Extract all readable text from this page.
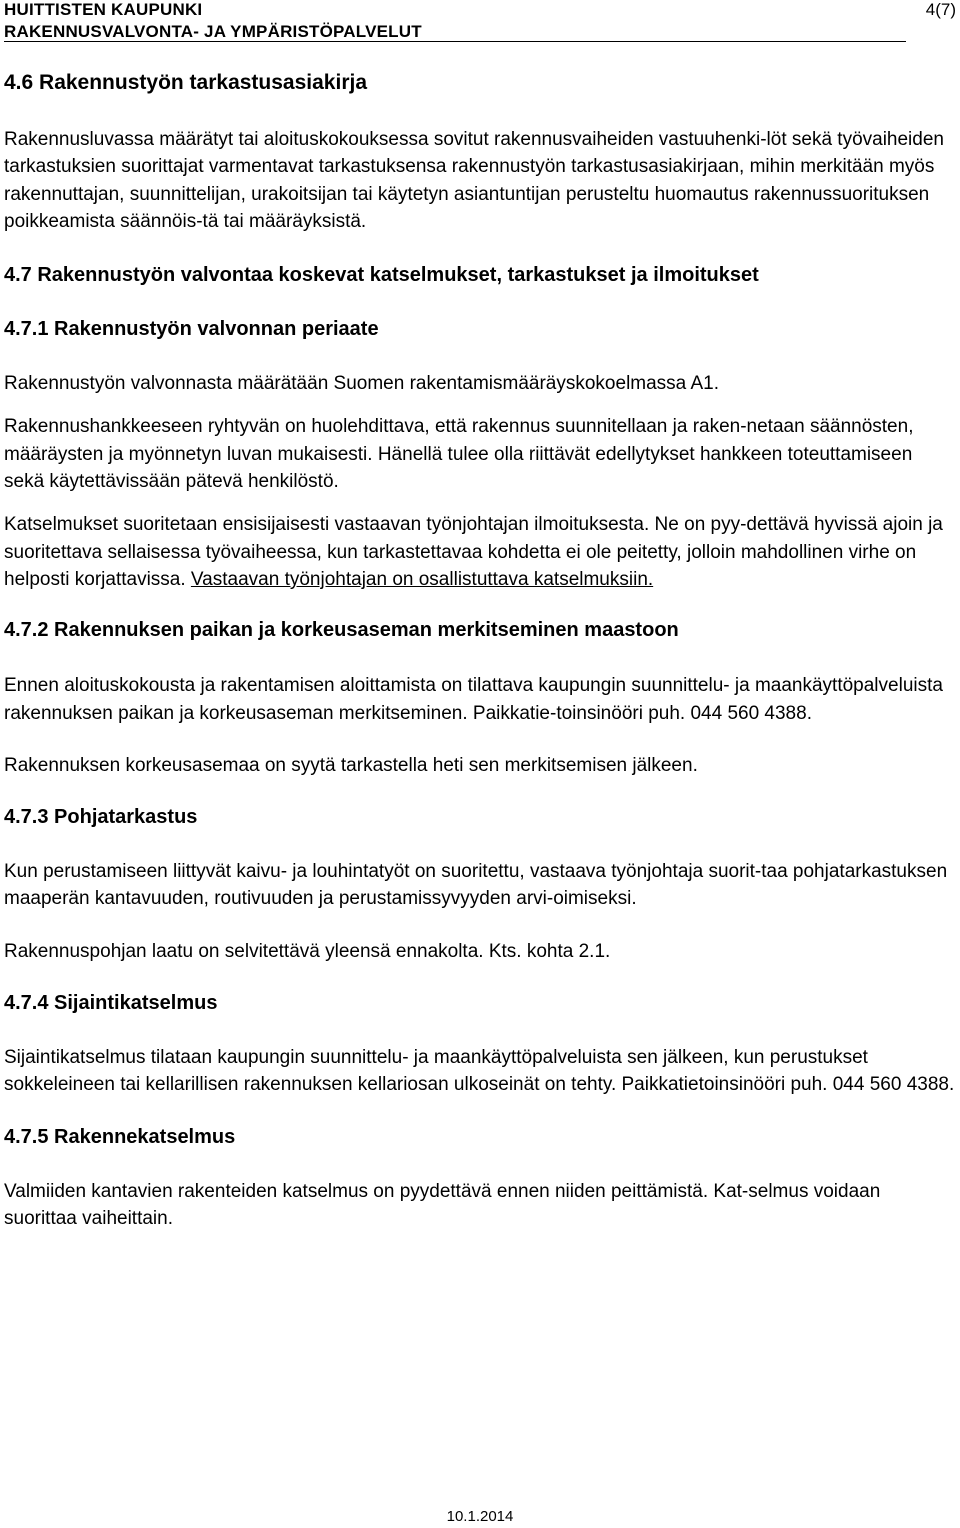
HUITTISTEN KAUPUNKI
RAKENNUSVALVONTA- JA YMPÄRISTÖPALVELUT
4(7)
4.6 Rakennustyön tarkastusasiakirja

Rakennusluvassa määrätyt tai aloituskokouksessa sovitut rakennusvaiheiden vastuuhenki-löt sekä työvaiheiden tarkastuksien suorittajat varmentavat tarkastuksensa rakennustyön tarkastusasiakirjaan, mihin merkitään myös rakennuttajan, suunnittelijan, urakoitsijan tai käytetyn asiantuntijan perusteltu huomautus rakennussuorituksen poikkeamista säännöis-tä tai määräyksistä.

4.7 Rakennustyön valvontaa koskevat katselmukset, tarkastukset ja ilmoitukset
4.7.1 Rakennustyön valvonnan periaate

Rakennustyön valvonnasta määrätään Suomen rakentamismääräyskokoelmassa A1.

Rakennushankkeeseen ryhtyvän on huolehdittava, että rakennus suunnitellaan ja raken-netaan säännösten, määräysten ja myönnetyn luvan mukaisesti. Hänellä tulee olla riittävät edellytykset hankkeen toteuttamiseen sekä käytettävissään pätevä henkilöstö.

Katselmukset suoritetaan ensisijaisesti vastaavan työnjohtajan ilmoituksesta. Ne on pyy-dettävä hyvissä ajoin ja suoritettava sellaisessa työvaiheessa, kun tarkastettavaa kohdetta ei ole peitetty, jolloin mahdollinen virhe on helposti korjattavissa. Vastaavan työnjohtajan on osallistuttava katselmuksiin.

4.7.2 Rakennuksen paikan ja korkeusaseman merkitseminen maastoon

Ennen aloituskokousta ja rakentamisen aloittamista on tilattava kaupungin suunnittelu- ja maankäyttöpalveluista rakennuksen paikan ja korkeusaseman merkitseminen. Paikkatie-toinsinööri puh. 044 560 4388.

Rakennuksen korkeusasemaa on syytä tarkastella heti sen merkitsemisen jälkeen.

4.7.3 Pohjatarkastus

Kun perustamiseen liittyvät kaivu- ja louhintatyöt on suoritettu, vastaava työnjohtaja suorit-taa pohjatarkastuksen maaperän kantavuuden, routivuuden ja perustamissyvyyden arvi-oimiseksi.

Rakennuspohjan laatu on selvitettävä yleensä ennakolta. Kts. kohta 2.1.

4.7.4 Sijaintikatselmus

Sijaintikatselmus tilataan kaupungin suunnittelu- ja maankäyttöpalveluista sen jälkeen, kun perustukset sokkeleineen tai kellarillisen rakennuksen kellariosan ulkoseinät on tehty. Paikkatietoinsinööri puh. 044 560 4388.

4.7.5 Rakennekatselmus

Valmiiden kantavien rakenteiden katselmus on pyydettävä ennen niiden peittämistä. Kat-selmus voidaan suorittaa vaiheittain.

10.1.2014
